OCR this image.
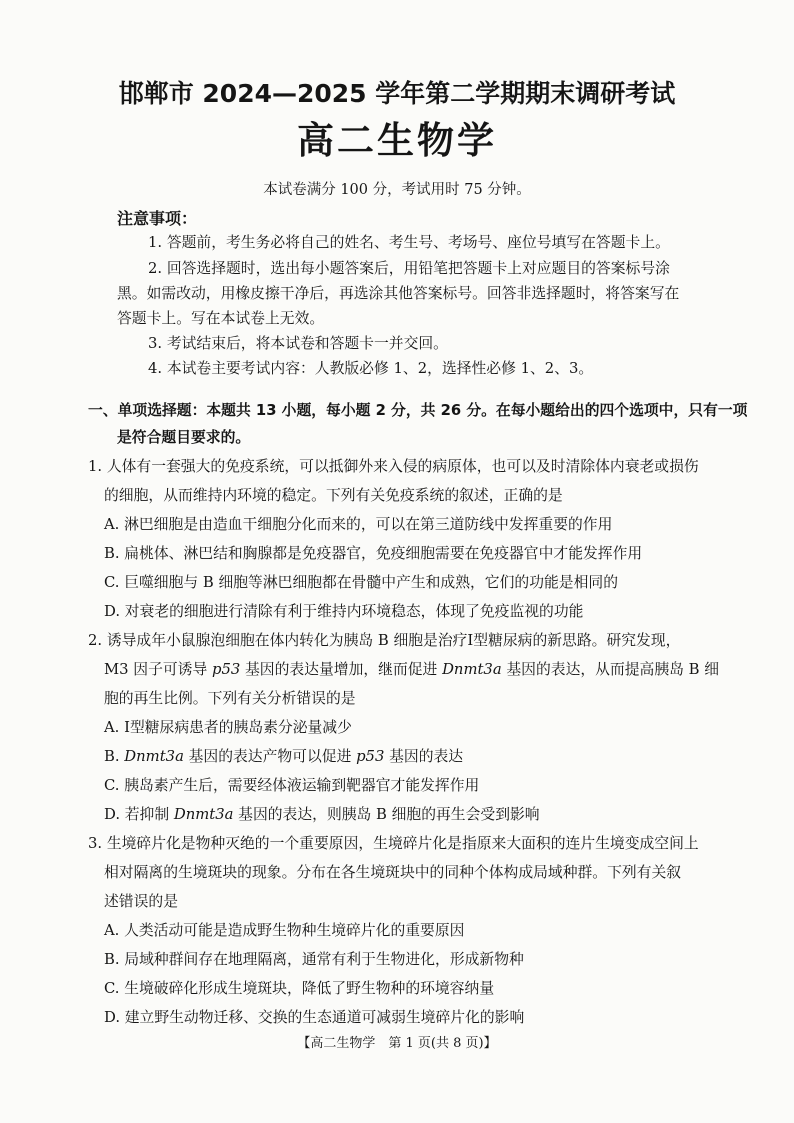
邯郸市 2024—2025 学年第二学期期末调研考试
高二生物学
本试卷满分 100 分，考试用时 75 分钟。
注意事项：
1. 答题前，考生务必将自己的姓名、考生号、考场号、座位号填写在答题卡上。
2. 回答选择题时，选出每小题答案后，用铅笔把答题卡上对应题目的答案标号涂
黑。如需改动，用橡皮擦干净后，再选涂其他答案标号。回答非选择题时，将答案写在
答题卡上。写在本试卷上无效。
3. 考试结束后，将本试卷和答题卡一并交回。
4. 本试卷主要考试内容：人教版必修 1、2，选择性必修 1、2、3。
一、单项选择题：本题共 13 小题，每小题 2 分，共 26 分。在每小题给出的四个选项中，只有一项
是符合题目要求的。
1. 人体有一套强大的免疫系统，可以抵御外来入侵的病原体，也可以及时清除体内衰老或损伤
的细胞，从而维持内环境的稳定。下列有关免疫系统的叙述，正确的是
A. 淋巴细胞是由造血干细胞分化而来的，可以在第三道防线中发挥重要的作用
B. 扁桃体、淋巴结和胸腺都是免疫器官，免疫细胞需要在免疫器官中才能发挥作用
C. 巨噬细胞与 B 细胞等淋巴细胞都在骨髓中产生和成熟，它们的功能是相同的
D. 对衰老的细胞进行清除有利于维持内环境稳态，体现了免疫监视的功能
2. 诱导成年小鼠腺泡细胞在体内转化为胰岛 B 细胞是治疗Ⅰ型糖尿病的新思路。研究发现，
M3 因子可诱导 p53 基因的表达量增加，继而促进 Dnmt3a 基因的表达，从而提高胰岛 B 细
胞的再生比例。下列有关分析错误的是
A. Ⅰ型糖尿病患者的胰岛素分泌量减少
B. Dnmt3a 基因的表达产物可以促进 p53 基因的表达
C. 胰岛素产生后，需要经体液运输到靶器官才能发挥作用
D. 若抑制 Dnmt3a 基因的表达，则胰岛 B 细胞的再生会受到影响
3. 生境碎片化是物种灭绝的一个重要原因，生境碎片化是指原来大面积的连片生境变成空间上
相对隔离的生境斑块的现象。分布在各生境斑块中的同种个体构成局域种群。下列有关叙
述错误的是
A. 人类活动可能是造成野生物种生境碎片化的重要原因
B. 局域种群间存在地理隔离，通常有利于生物进化，形成新物种
C. 生境破碎化形成生境斑块，降低了野生物种的环境容纳量
D. 建立野生动物迁移、交换的生态通道可减弱生境碎片化的影响
【高二生物学　第 1 页(共 8 页)】
